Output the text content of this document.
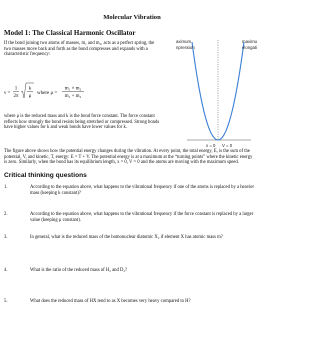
Molecular Vibration
Model 1: The Classical Harmonic Oscillator
If the bond joining two atoms of masses, m₁ and m₂, acts as a perfect spring, the two masses move back and forth as the bond compresses and expands with a characteristic frequency:
ν =
1
2π
k
μ
where μ =
m₁ × m₂
m₁ + m₂
where μ is the reduced mass and k is the bond force constant. The force constant reflects how strongly the bond resists being stretched or compressed. Strong bonds have higher values for k and weak bonds have lower values for k.
aximum
npression
maximu
elongati
x = 0 V = 0
The figure above shows how the potential energy changes during the vibration. At every point, the total energy, E, is the sum of the potential, V, and kinetic, T, energy: E = T + V. The potential energy is at a maximum at the “turning points” where the kinetic energy is zero. Similarly, when the bond has its equilibrium length, x = 0, V = 0 and the atoms are moving with the maximum speed.
Critical thinking questions
1.	According to the equation above, what happens to the vibrational frequency if one of the atoms is replaced by a heavier mass (keeping k constant)?
2.	According to the equation above, what happens to the vibrational frequency if the force constant is replaced by a larger value (keeping μ constant).
3.	In general, what is the reduced mass of the homonuclear diatomic X₂ if element X has atomic mass m?
4.	What is the ratio of the reduced mass of H₂ and D₂?
5.	What does the reduced mass of HX tend to as X becomes very heavy compared to H?
